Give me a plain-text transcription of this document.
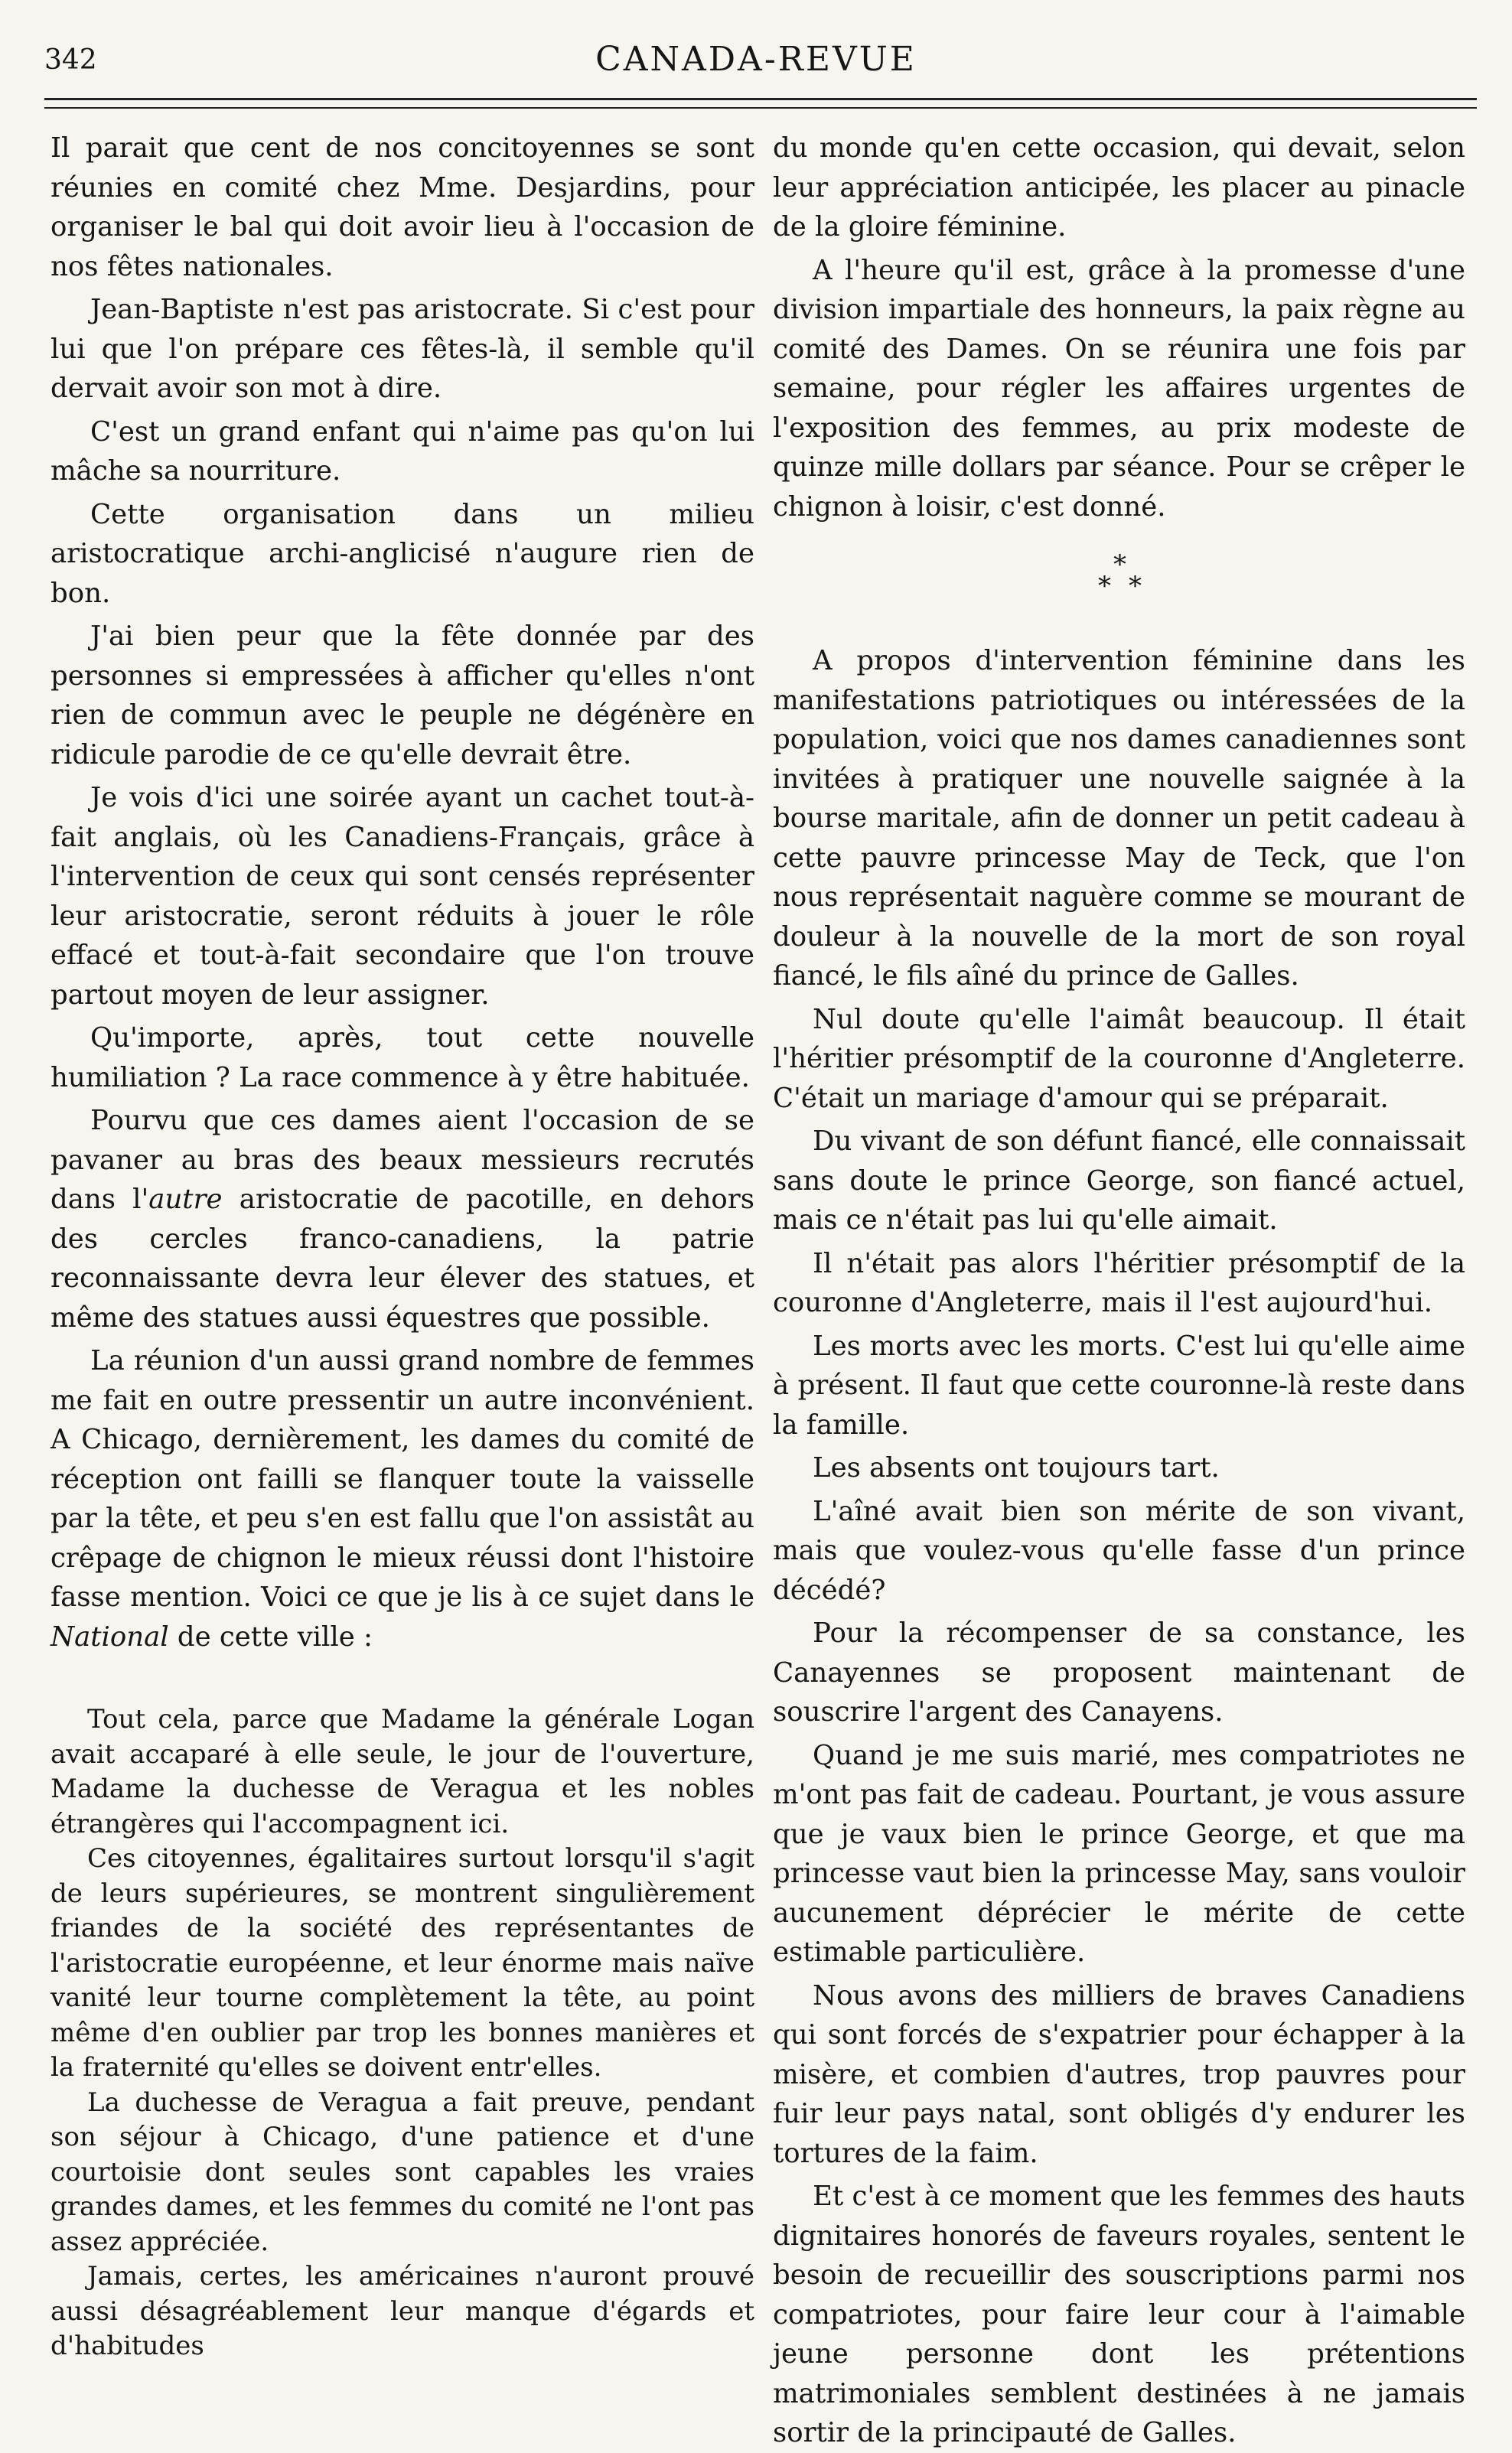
342	CANADA-REVUE

Il parait que cent de nos concitoyennes se sont réunies en comité chez Mme. Desjardins, pour organiser le bal qui doit avoir lieu à l'occasion de nos fêtes nationales.

Jean-Baptiste n'est pas aristocrate. Si c'est pour lui que l'on prépare ces fêtes-là, il semble qu'il dervait avoir son mot à dire.

C'est un grand enfant qui n'aime pas qu'on lui mâche sa nourriture.

Cette organisation dans un milieu aristocratique archi-anglicisé n'augure rien de bon.

J'ai bien peur que la fête donnée par des personnes si empressées à afficher qu'elles n'ont rien de commun avec le peuple ne dégénère en ridicule parodie de ce qu'elle devrait être.

Je vois d'ici une soirée ayant un cachet tout-à-fait anglais, où les Canadiens-Français, grâce à l'intervention de ceux qui sont censés représenter leur aristocratie, seront réduits à jouer le rôle effacé et tout-à-fait secondaire que l'on trouve partout moyen de leur assigner.

Qu'importe, après, tout cette nouvelle humiliation ? La race commence à y être habituée.

Pourvu que ces dames aient l'occasion de se pavaner au bras des beaux messieurs recrutés dans l'autre aristocratie de pacotille, en dehors des cercles franco-canadiens, la patrie reconnaissante devra leur élever des statues, et même des statues aussi équestres que possible.

La réunion d'un aussi grand nombre de femmes me fait en outre pressentir un autre inconvénient. A Chicago, dernièrement, les dames du comité de réception ont failli se flanquer toute la vaisselle par la tête, et peu s'en est fallu que l'on assistât au crêpage de chignon le mieux réussi dont l'histoire fasse mention. Voici ce que je lis à ce sujet dans le National de cette ville :

Tout cela, parce que Madame la générale Logan avait accaparé à elle seule, le jour de l'ouverture, Madame la duchesse de Veragua et les nobles étrangères qui l'accompagnent ici.

Ces citoyennes, égalitaires surtout lorsqu'il s'agit de leurs supérieures, se montrent singulièrement friandes de la société des représentantes de l'aristocratie européenne, et leur énorme mais naïve vanité leur tourne complètement la tête, au point même d'en oublier par trop les bonnes manières et la fraternité qu'elles se doivent entr'elles.

La duchesse de Veragua a fait preuve, pendant son séjour à Chicago, d'une patience et d'une courtoisie dont seules sont capables les vraies grandes dames, et les femmes du comité ne l'ont pas assez appréciée.

Jamais, certes, les américaines n'auront prouvé aussi désagréablement leur manque d'égards et d'habitudes

du monde qu'en cette occasion, qui devait, selon leur appréciation anticipée, les placer au pinacle de la gloire féminine.

A l'heure qu'il est, grâce à la promesse d'une division impartiale des honneurs, la paix règne au comité des Dames. On se réunira une fois par semaine, pour régler les affaires urgentes de l'exposition des femmes, au prix modeste de quinze mille dollars par séance. Pour se crêper le chignon à loisir, c'est donné.

*
* *

A propos d'intervention féminine dans les manifestations patriotiques ou intéressées de la population, voici que nos dames canadiennes sont invitées à pratiquer une nouvelle saignée à la bourse maritale, afin de donner un petit cadeau à cette pauvre princesse May de Teck, que l'on nous représentait naguère comme se mourant de douleur à la nouvelle de la mort de son royal fiancé, le fils aîné du prince de Galles.

Nul doute qu'elle l'aimât beaucoup. Il était l'héritier présomptif de la couronne d'Angleterre. C'était un mariage d'amour qui se préparait.

Du vivant de son défunt fiancé, elle connaissait sans doute le prince George, son fiancé actuel, mais ce n'était pas lui qu'elle aimait.

Il n'était pas alors l'héritier présomptif de la couronne d'Angleterre, mais il l'est aujourd'hui.

Les morts avec les morts. C'est lui qu'elle aime à présent. Il faut que cette couronne-là reste dans la famille.

Les absents ont toujours tart.

L'aîné avait bien son mérite de son vivant, mais que voulez-vous qu'elle fasse d'un prince décédé?

Pour la récompenser de sa constance, les Canayennes se proposent maintenant de souscrire l'argent des Canayens.

Quand je me suis marié, mes compatriotes ne m'ont pas fait de cadeau. Pourtant, je vous assure que je vaux bien le prince George, et que ma princesse vaut bien la princesse May, sans vouloir aucunement déprécier le mérite de cette estimable particulière.

Nous avons des milliers de braves Canadiens qui sont forcés de s'expatrier pour échapper à la misère, et combien d'autres, trop pauvres pour fuir leur pays natal, sont obligés d'y endurer les tortures de la faim.

Et c'est à ce moment que les femmes des hauts dignitaires honorés de faveurs royales, sentent le besoin de recueillir des souscriptions parmi nos compatriotes, pour faire leur cour à l'aimable jeune personne dont les prétentions matrimoniales semblent destinées à ne jamais sortir de la principauté de Galles.
